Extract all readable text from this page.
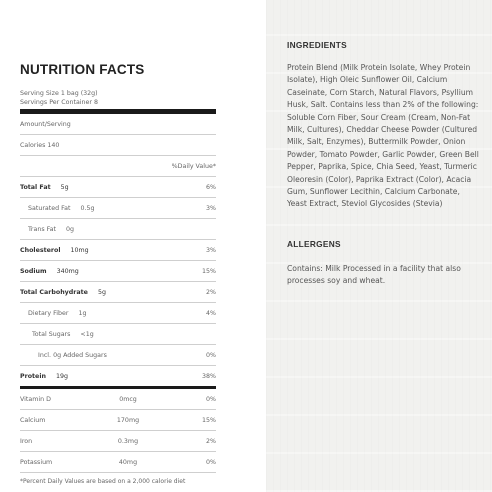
NUTRITION FACTS
Serving Size 1 bag (32g)
Servings Per Container 8
Amount/Serving
Calories 140
%Daily Value*
Total Fat 5g	6%
Saturated Fat 0.5g	3%
Trans Fat 0g
Cholesterol 10mg	3%
Sodium 340mg	15%
Total Carbohydrate 5g	2%
Dietary Fiber 1g	4%
Total Sugars <1g
Incl. 0g Added Sugars	0%
Protein 19g	38%
Vitamin D	0mcg	0%
Calcium	170mg	15%
Iron	0.3mg	2%
Potassium	40mg	0%
*Percent Daily Values are based on a 2,000 calorie diet
INGREDIENTS
Protein Blend (Milk Protein Isolate, Whey Protein Isolate), High Oleic Sunflower Oil, Calcium Caseinate, Corn Starch, Natural Flavors, Psyllium Husk, Salt. Contains less than 2% of the following: Soluble Corn Fiber, Sour Cream (Cream, Non-Fat Milk, Cultures), Cheddar Cheese Powder (Cultured Milk, Salt, Enzymes), Buttermilk Powder, Onion Powder, Tomato Powder, Garlic Powder, Green Bell Pepper, Paprika, Spice, Chia Seed, Yeast, Turmeric Oleoresin (Color), Paprika Extract (Color), Acacia Gum, Sunflower Lecithin, Calcium Carbonate, Yeast Extract, Steviol Glycosides (Stevia)
ALLERGENS
Contains: Milk Processed in a facility that also processes soy and wheat.
